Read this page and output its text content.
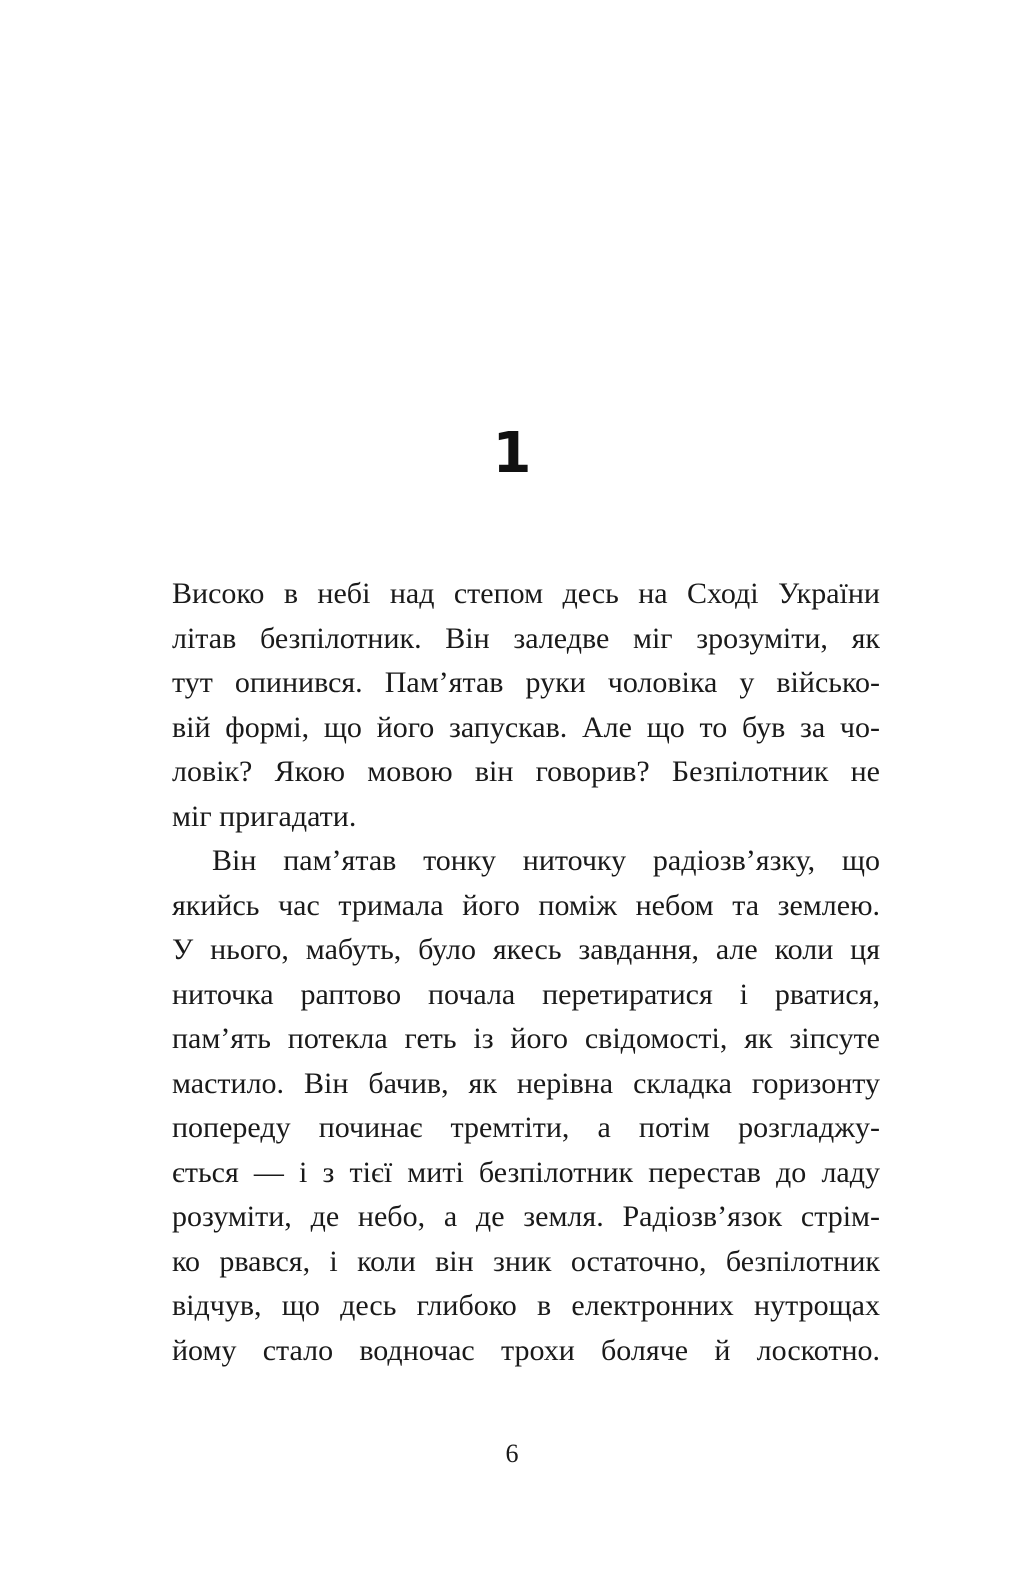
1
Високо в небі над степом десь на Сході України
літав безпілотник. Він заледве міг зрозуміти, як
тут опинився. Пам’ятав руки чоловіка у військо-
вій формі, що його запускав. Але що то був за чо-
ловік? Якою мовою він говорив? Безпілотник не
міг пригадати.
Він пам’ятав тонку ниточку радіозв’язку, що
якийсь час тримала його поміж небом та землею.
У нього, мабуть, було якесь завдання, але коли ця
ниточка раптово почала перетиратися і рватися,
пам’ять потекла геть із його свідомості, як зіпсуте
мастило. Він бачив, як нерівна складка горизонту
попереду починає тремтіти, а потім розгладжу-
ється — і з тієї миті безпілотник перестав до ладу
розуміти, де небо, а де земля. Радіозв’язок стрім-
ко рвався, і коли він зник остаточно, безпілотник
відчув, що десь глибоко в електронних нутрощах
йому стало водночас трохи боляче й лоскотно.
6
